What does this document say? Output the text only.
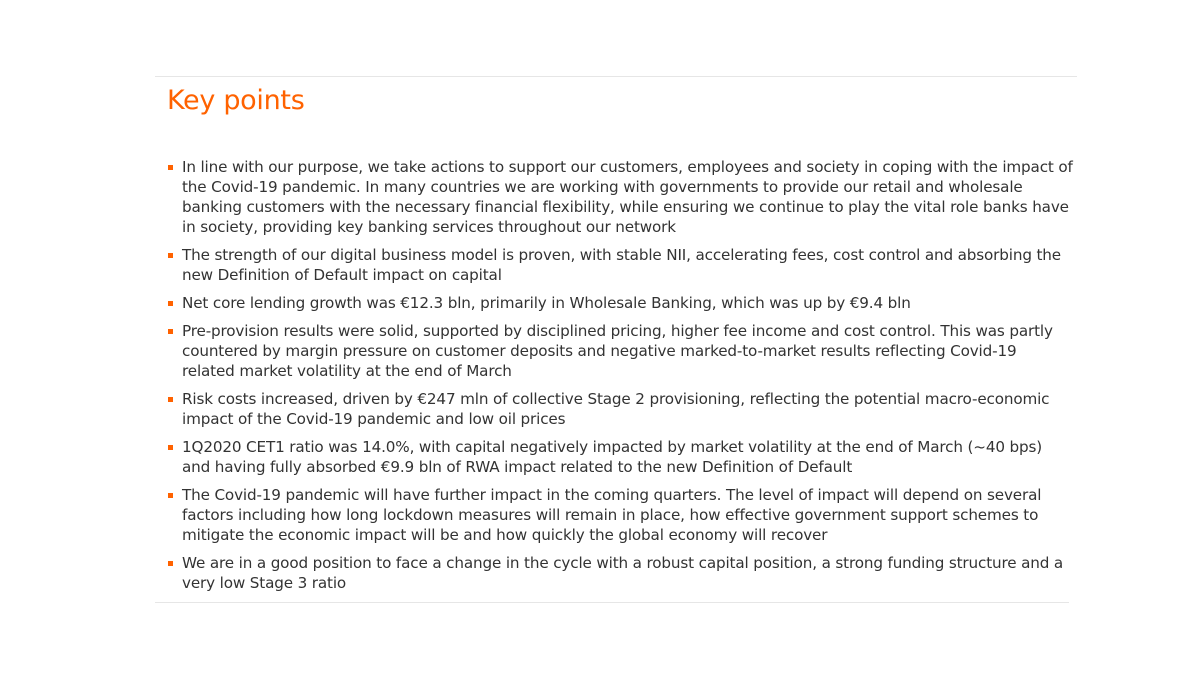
Key points
In line with our purpose, we take actions to support our customers, employees and society in coping with the impact of the Covid-19 pandemic. In many countries we are working with governments to provide our retail and wholesale banking customers with the necessary financial flexibility, while ensuring we continue to play the vital role banks have in society, providing key banking services throughout our network
The strength of our digital business model is proven, with stable NII, accelerating fees, cost control and absorbing the new Definition of Default impact on capital
Net core lending growth was €12.3 bln, primarily in Wholesale Banking, which was up by €9.4 bln
Pre-provision results were solid, supported by disciplined pricing, higher fee income and cost control. This was partly countered by margin pressure on customer deposits and negative marked-to-market results reflecting Covid-19 related market volatility at the end of March
Risk costs increased, driven by €247 mln of collective Stage 2 provisioning, reflecting the potential macro-economic impact of the Covid-19 pandemic and low oil prices
1Q2020 CET1 ratio was 14.0%, with capital negatively impacted by market volatility at the end of March (~40 bps) and having fully absorbed €9.9 bln of RWA impact related to the new Definition of Default
The Covid-19 pandemic will have further impact in the coming quarters. The level of impact will depend on several factors including how long lockdown measures will remain in place, how effective government support schemes to mitigate the economic impact will be and how quickly the global economy will recover
We are in a good position to face a change in the cycle with a robust capital position, a strong funding structure and a very low Stage 3 ratio
